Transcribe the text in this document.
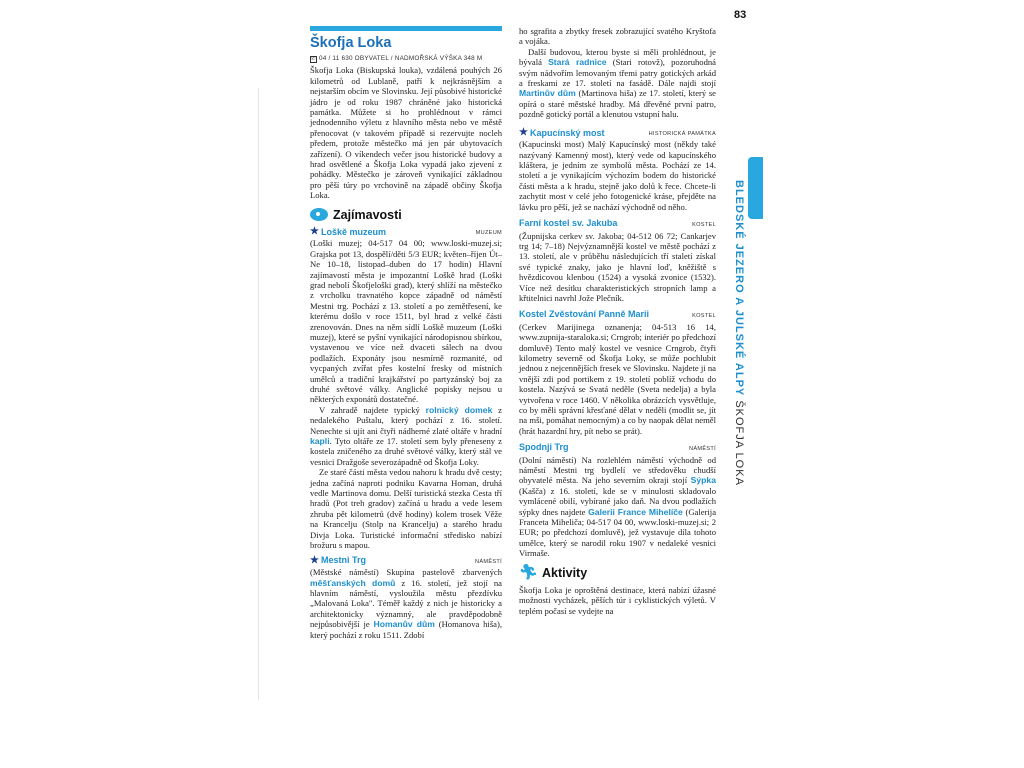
83
Škofja Loka
✆ 04 / 11 630 OBYVATEL / NADMOŘSKÁ VÝŠKA 348 M

Škofja Loka (Biskupská louka), vzdálená pouhých 26 kilometrů od Lublaně, patří k nejkrásnějším a nejstarším obcím ve Slovinsku. Její působivé historické jádro je od roku 1987 chráněné jako historická památka. Můžete si ho prohlédnout v rámci jednodenního výletu z hlavního města nebo ve městě přenocovat (v takovém případě si rezervujte nocleh předem, protože městečko má jen pár ubytovacích zařízení). O víkendech večer jsou historické budovy a hrad osvětlené a Škofja Loka vypadá jako zjevení z pohádky. Městečko je zároveň vynikající základnou pro pěší túry po vrchovině na západě občiny Škofja Loka.

Zajímavosti
★ Loškě muzeum	MUZEUM

(Loški muzej; 04-517 04 00; www.loski-muzej.si; Grajska pot 13, dospělí/děti 5/3 EUR; květen–říjen Út–Ne 10–18, listopad–duben do 17 hodin) Hlavní zajímavostí města je impozantní Loškě hrad (Loški grad nebolí Škofjeloški grad), který shlíží na městečko z vrcholku travnatého kopce západně od náměstí Mestni trg. Pochází z 13. století a po zemětřesení, ke kterému došlo v roce 1511, byl hrad z velké části zrenovován. Dnes na něm sídlí Loškě muzeum (Loški muzej), které se pyšní vynikající národopisnou sbírkou, vystavenou ve více než dvaceti sálech na dvou podlažích. Exponáty jsou nesmírně rozmanité, od vycpaných zvířat přes kostelní fresky od místních umělců a tradiční krajkářství po partyzánský boj za druhé světové války. Anglické popisky nejsou u některých exponátů dostatečné.

V zahradě najdete typický rolnický domek z nedalekého Puštalu, který pochází z 16. století. Nenechte si ujít ani čtyři nádherné zlaté oltáře v hradní kapli. Tyto oltáře ze 17. století sem byly přeneseny z kostela zničeného za druhé světové války, který stál ve vesnici Dražgoše severozápadně od Škofja Loky.

Ze staré části města vedou nahoru k hradu dvě cesty; jedna začíná naproti podniku Kavarna Homan, druhá vedle Martinova domu. Delší turistická stezka Cesta tří hradů (Pot treh gradov) začíná u hradu a vede lesem zhruba pět kilometrů (dvě hodiny) kolem trosek Věže na Krancelju (Stolp na Krancelju) a starého hradu Divja Loka. Turistické informační středisko nabízí brožuru s mapou.

★ Mestni Trg	NÁMĚSTÍ

(Městské náměstí) Skupina pastelově zbarvených měšťanských domů z 16. století, jež stojí na hlavním náměstí, vysloužila městu přezdívku „Malovaná Loka". Téměř každý z nich je historicky a architektonicky významný, ale pravděpodobně nejpůsobivější je Homanův dům (Homanova hiša), který pochází z roku 1511. Zdobí

ho sgrafita a zbytky fresek zobrazující svatého Kryštofa a vojáka.

Další budovou, kterou byste si měli prohlédnout, je bývalá Stará radnice (Stari rotovž), pozoruhodná svým nádvořím lemovaným třemi patry gotických arkád a freskami ze 17. století na fasádě. Dále najdi stojí Martinův dům (Martinova hiša) ze 17. století, který se opírá o staré městské hradby. Má dřevěné první patro, pozdně gotický portál a klenutou vstupní halu.

★ Kapucínský most	HISTORICKÁ PAMÁTKA

(Kapucinski most) Malý Kapucínský most (někdy také nazývaný Kamenný most), který vede od kapucínského kláštera, je jedním ze symbolů města. Pochází ze 14. století a je vynikajícím výchozím bodem do historické části města a k hradu, stejně jako dolů k řece. Chcete-li zachytit most v celé jeho fotogenické kráse, přejděte na lávku pro pěší, jež se nachází východně od něho.

Farní kostel sv. Jakuba	KOSTEL

(Župnijska cerkev sv. Jakoba; 04-512 06 72; Cankarjev trg 14; 7–18) Nejvýznamnější kostel ve městě pochází z 13. století, ale v průběhu následujících tří staletí získal své typické znaky, jako je hlavní loď, kněžiště s hvězdicovou klenbou (1524) a vysoká zvonice (1532). Více než desítku charakteristických stropních lamp a křtitelnici navrhl Jože Plečník.

Kostel Zvěstování Panně Marii	KOSTEL

(Cerkev Marijinega oznanenja; 04-513 16 14, www.zupnija-staraloka.si; Crngrob; interiér po předchozí domluvě) Tento malý kostel ve vesnice Crngrob, čtyři kilometry severně od Škofja Loky, se může pochlubit jednou z nejcennějších fresek ve Slovinsku. Najdete ji na vnější zdi pod portikem z 19. století poblíž vchodu do kostela. Nazývá se Svatá neděle (Sveta nedelja) a byla vytvořena v roce 1460. V několika obrázcích vysvětluje, co by měli správní křesťané dělat v neděli (modlit se, jít na mši, pomáhat nemocným) a co by naopak dělat neměl (hrát hazardní hry, pít nebo se prát).

Spodnji Trg	NÁMĚSTÍ

(Dolní náměstí) Na rozlehlém náměstí východně od náměstí Mestni trg bydlelí ve středověku chudší obyvatelé města. Na jeho severním okraji stojí Sýpka (Kašča) z 16. století, kde se v minulosti skladovalo vymlácené obilí, vybírané jako daň. Na dvou podlažích sýpky dnes najdete Galerii France Mihelíče (Galerija Franceta Miheliča; 04-517 04 00, www.loski-muzej.si; 2 EUR; po předchozí domluvě), jež vystavuje díla tohoto umělce, který se narodil roku 1907 v nedaleké vesnici Virmaše.

🏃︎ Aktivity

Škofja Loka je oproštěná destinace, která nabízí úžasné možnosti vycházek, pěších túr i cyklistických výletů. V teplém počasí se vydejte na

BLEDSKÉ JEZERO A JULSKÉ ALPY ŠKOFJA LOKA
